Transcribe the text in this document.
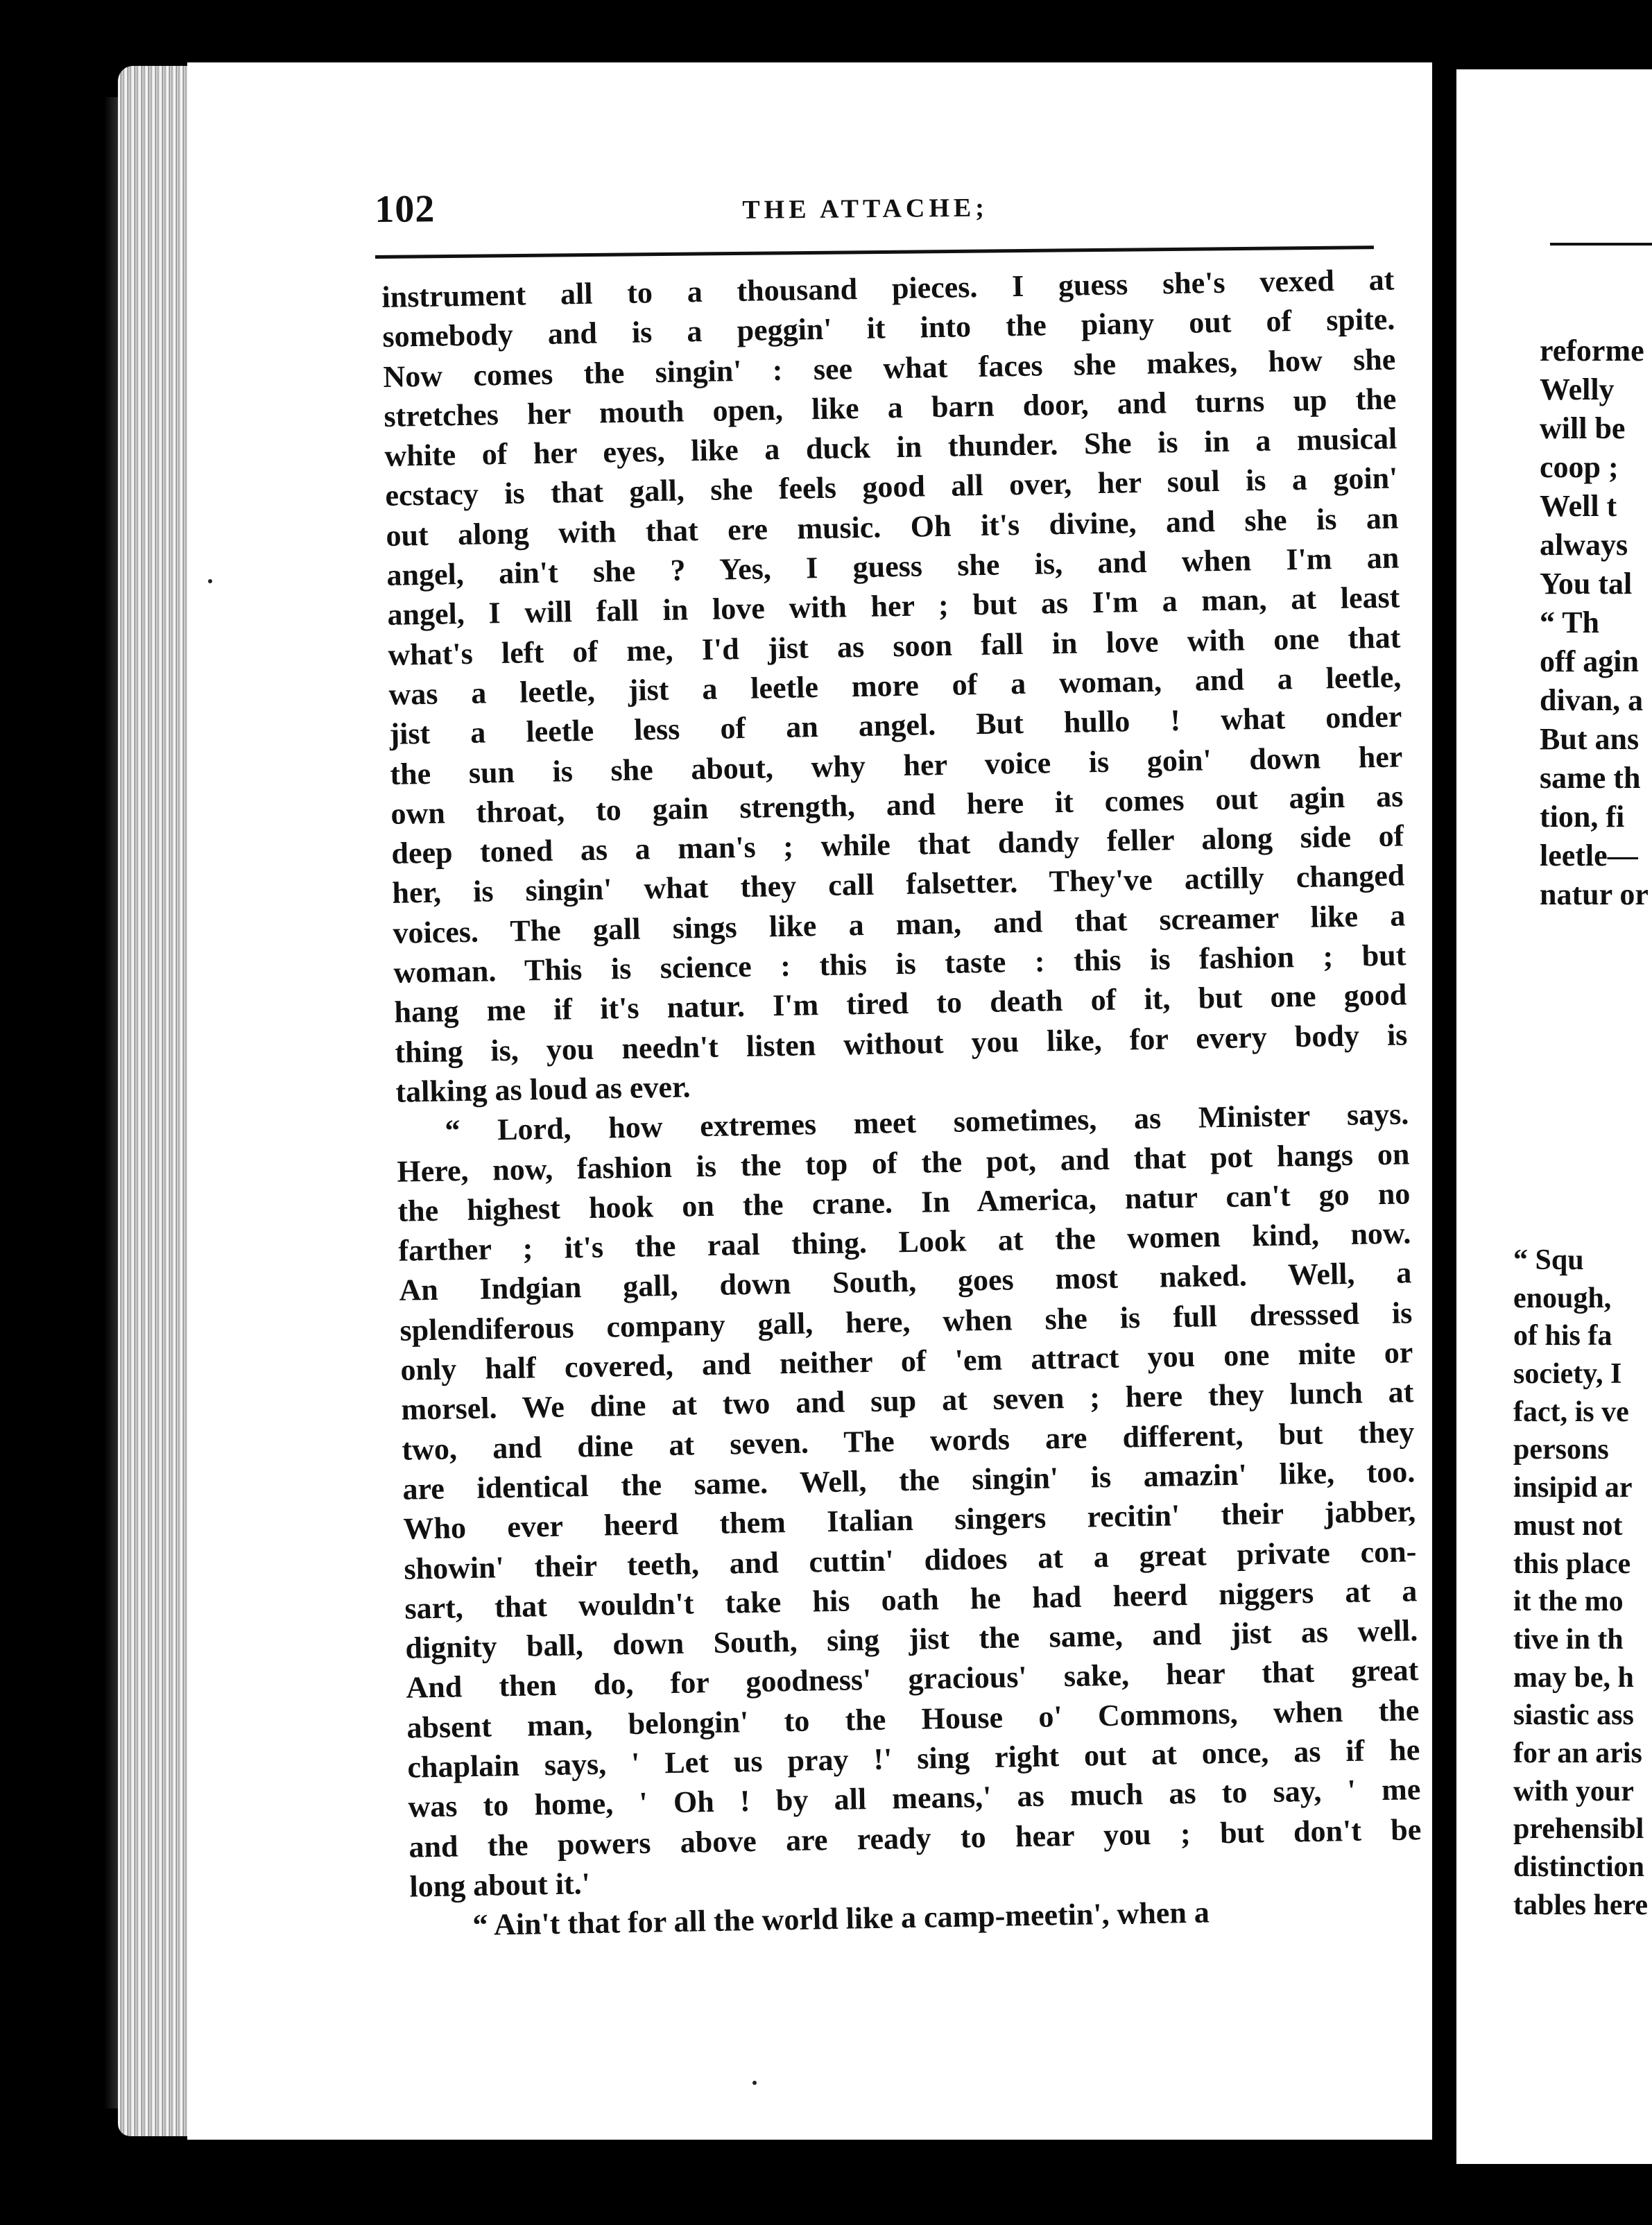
reforme
Welly
will be
coop ;
Well t
always
You tal
“ Th
off agin
divan, a
But ans
same th
tion, fi
leetle—
natur or
“ Squ
enough,
of his fa
society, I
fact, is ve
persons
insipid ar
must not
this place
it the mo
tive in th
may be, h
siastic ass
for an aris
with your
prehensibl
distinction
tables here
102	THE ATTACHE;
instrument all to a thousand pieces. I guess she's vexed at
somebody and is a peggin' it into the piany out of spite.
Now comes the singin' : see what faces she makes, how she
stretches her mouth open, like a barn door, and turns up the
white of her eyes, like a duck in thunder. She is in a musical
ecstacy is that gall, she feels good all over, her soul is a goin'
out along with that ere music. Oh it's divine, and she is an
angel, ain't she ? Yes, I guess she is, and when I'm an
angel, I will fall in love with her ; but as I'm a man, at least
what's left of me, I'd jist as soon fall in love with one that
was a leetle, jist a leetle more of a woman, and a leetle,
jist a leetle less of an angel. But hullo ! what onder
the sun is she about, why her voice is goin' down her
own throat, to gain strength, and here it comes out agin as
deep toned as a man's ; while that dandy feller along side of
her, is singin' what they call falsetter. They've actilly changed
voices. The gall sings like a man, and that screamer like a
woman. This is science : this is taste : this is fashion ; but
hang me if it's natur. I'm tired to death of it, but one good
thing is, you needn't listen without you like, for every body is
talking as loud as ever.
“ Lord, how extremes meet sometimes, as Minister says.
Here, now, fashion is the top of the pot, and that pot hangs on
the highest hook on the crane. In America, natur can't go no
farther ; it's the raal thing. Look at the women kind, now.
An Indgian gall, down South, goes most naked. Well, a
splendiferous company gall, here, when she is full dresssed is
only half covered, and neither of 'em attract you one mite or
morsel. We dine at two and sup at seven ; here they lunch at
two, and dine at seven. The words are different, but they
are identical the same. Well, the singin' is amazin' like, too.
Who ever heerd them Italian singers recitin' their jabber,
showin' their teeth, and cuttin' didoes at a great private con-
sart, that wouldn't take his oath he had heerd niggers at a
dignity ball, down South, sing jist the same, and jist as well.
And then do, for goodness' gracious' sake, hear that great
absent man, belongin' to the House o' Commons, when the
chaplain says, ' Let us pray !' sing right out at once, as if he
was to home, ' Oh ! by all means,' as much as to say, ' me
and the powers above are ready to hear you ; but don't be
long about it.'
“ Ain't that for all the world like a camp-meetin', when a
